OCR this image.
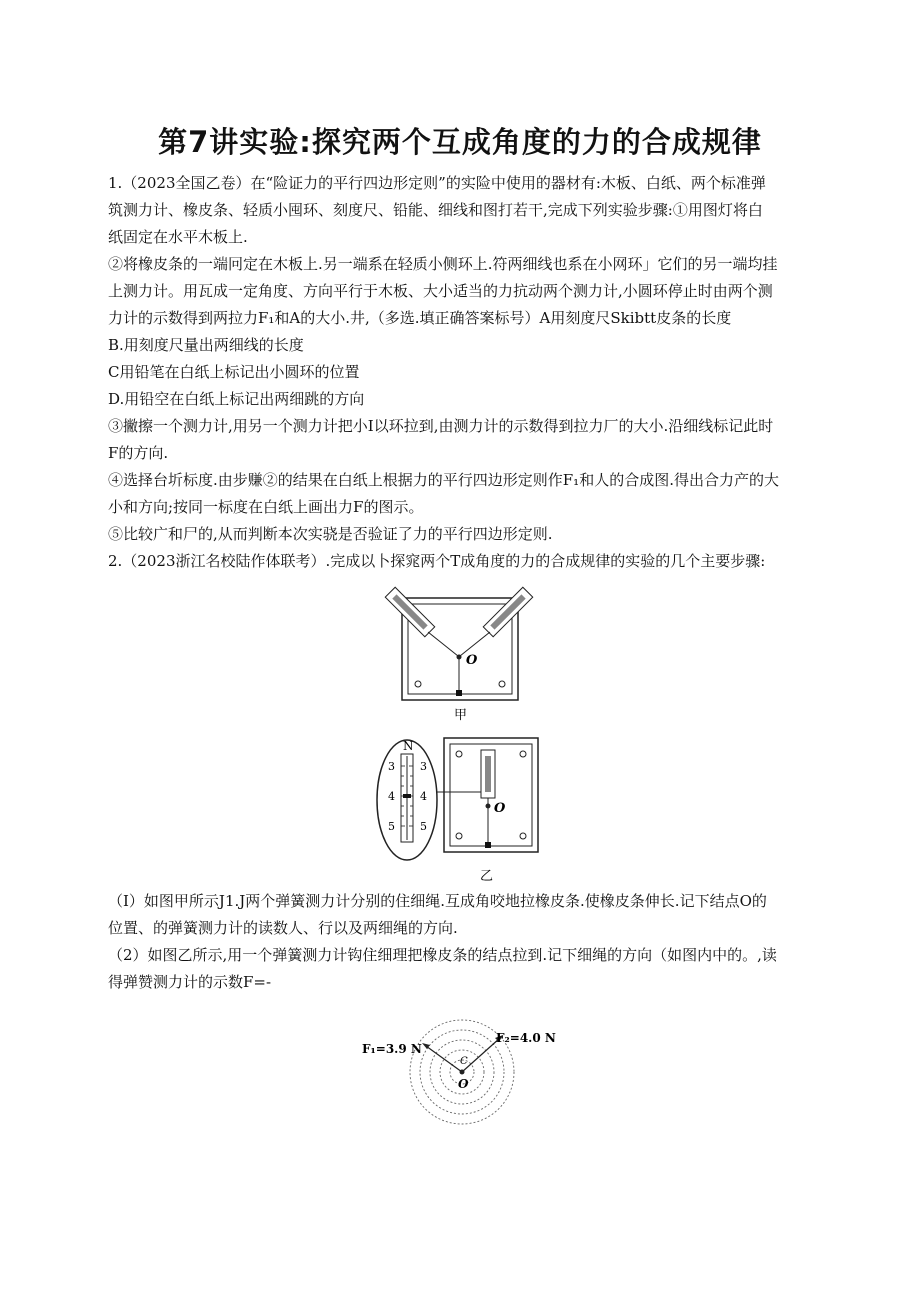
第7讲实验:探究两个互成角度的力的合成规律

1.（2023全国乙卷）在“险证力的平行四边形定则”的实险中使用的器材有:木板、白纸、两个标准弹

筑测力计、橡皮条、轻质小囤环、刻度尺、铅能、细线和图打若干,完成下列实验步骤:①用图灯将白

纸固定在水平木板上.

②将橡皮条的一端冋定在木板上.另一端系在轻质小侧环上.符两细线也系在小网环」它们的另一端均挂

上测力计。用瓦成一定角度、方向平行于木板、大小适当的力抗动两个测力计,小圆环停止时由两个测

力计的示数得到两拉力F₁和A的大小.井,（多选.填正确答案标号）A用刻度尺Skibtt皮条的长度

B.用刻度尺量出两细线的长度

C用铅笔在白纸上标记出小圆环的位置

D.用铅空在白纸上标记出两细跳的方向

③撇擦一个测力计,用另一个测力计把小I以环拉到,由测力计的示数得到拉力厂的大小.沿细线标记此时

F的方向.

④选择台圻标度.由步赚②的结果在白纸上根据力的平行四边形定则作F₁和人的合成图.得出合力产的大

小和方向;按同一标度在白纸上画出力F的图示。

⑤比较广和尸的,从而判断本次实骁是否验证了力的平行四边形定则.

2.（2023浙江名校陆作体联考）.完成以卜探窕两个T成角度的力的合成规律的实验的几个主要步骤:

O
甲
N
3
4
5
3
4
5
O
乙

（I）如图甲所示J1.J两个弹簧测力计分别的住细绳.互成角咬地拉橡皮条.使橡皮条伸长.记下结点O的

位置、的弹簧测力计的读数人、行以及两细绳的方向.

（2）如图乙所示,用一个弹簧测力计钩住细理把橡皮条的结点拉到.记下细绳的方向（如图内中的。,读

得弹赞测力计的示数F=-

F₁=3.9 N
F₂=4.0 N
O
C
